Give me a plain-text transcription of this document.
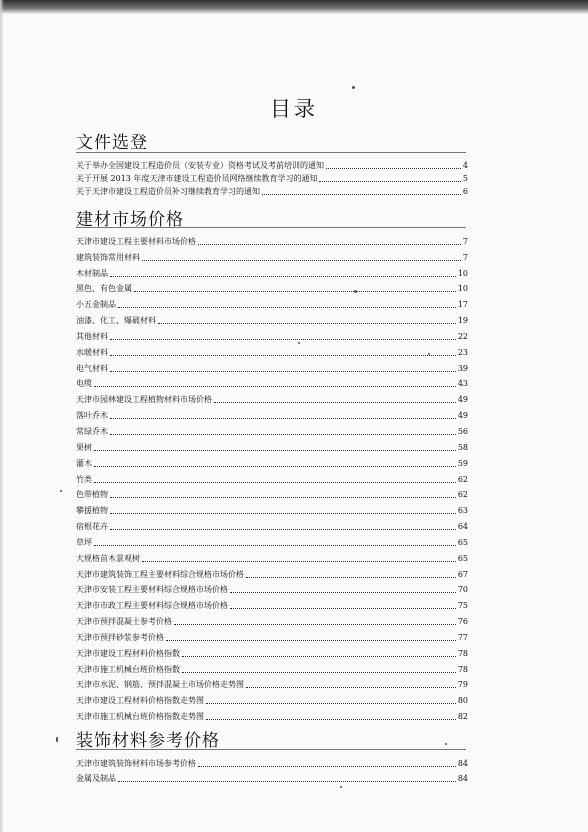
目录
文件选登
关于举办全国建设工程造价员（安装专业）资格考试及考前培训的通知	4
关于开展 2013 年度天津市建设工程造价员网络继续教育学习的通知	5
关于天津市建设工程造价员补习继续教育学习的通知	6
建材市场价格
天津市建设工程主要材料市场价格	7
建筑装饰常用材料	7
木材制品	10
黑色、有色金属	10
小五金制品	17
油漆、化工、爆破材料	19
其他材料	22
水暖材料	23
电气材料	39
电缆	43
天津市园林建设工程植物材料市场价格	49
落叶乔木	49
常绿乔木	56
果树	58
灌木	59
竹类	62
色带植物	62
攀援植物	63
宿根花卉	64
草坪	65
大规格苗木景观树	65
天津市建筑装饰工程主要材料综合规格市场价格	67
天津市安装工程主要材料综合规格市场价格	70
天津市市政工程主要材料综合规格市场价格	75
天津市预拌混凝土参考价格	76
天津市预拌砂浆参考价格	77
天津市建设工程材料价格指数	78
天津市施工机械台班价格指数	78
天津市水泥、钢筋、预拌混凝土市场价格走势图	79
天津市建设工程材料价格指数走势图	80
天津市施工机械台班价格指数走势图	82
装饰材料参考价格
天津市建筑装饰材料市场参考价格	84
金属及制品	84
